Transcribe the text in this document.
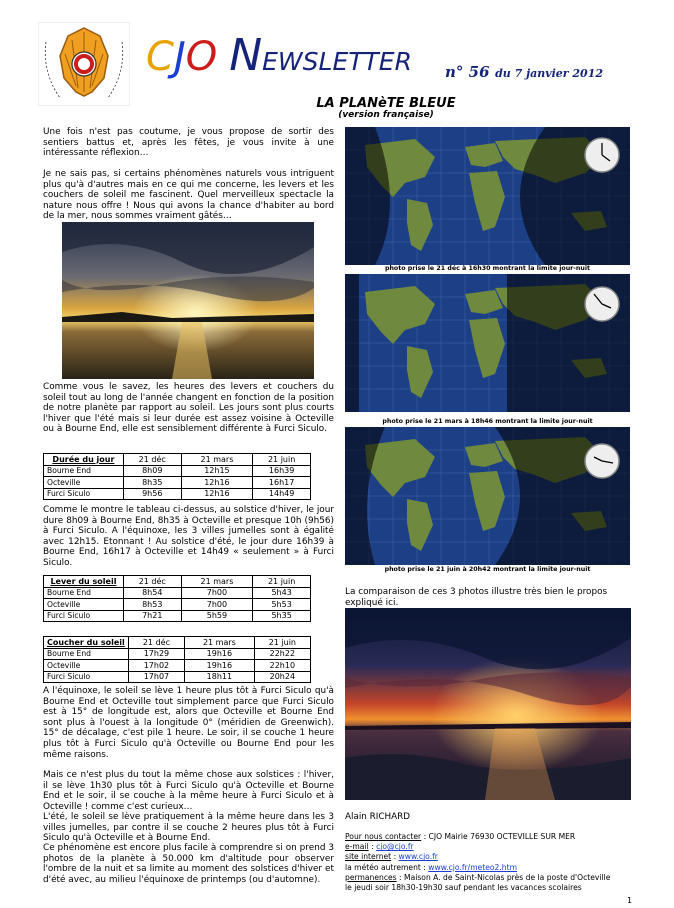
CJO NEWSLETTER	n° 56 du 7 janvier 2012
LA PLANèTE BLEUE
(version française)
Une fois n'est pas coutume, je vous propose de sortir des sentiers battus et, après les fêtes, je vous invite à une intéressante réflexion…
Je ne sais pas, si certains phénomènes naturels vous intriguent plus qu'à d'autres mais en ce qui me concerne, les levers et les couchers de soleil me fascinent. Quel merveilleux spectacle la nature nous offre ! Nous qui avons la chance d'habiter au bord de la mer, nous sommes vraiment gâtés…
Comme vous le savez, les heures des levers et couchers du soleil tout au long de l'année changent en fonction de la position de notre planète par rapport au soleil. Les jours sont plus courts l'hiver que l'été mais si leur durée est assez voisine à Octeville ou à Bourne End, elle est sensiblement différente à Furci Siculo.
Durée du jour	21 déc	21 mars	21 juin
Bourne End	8h09	12h15	16h39
Octeville	8h35	12h16	16h17
Furci Siculo	9h56	12h16	14h49
Comme le montre le tableau ci-dessus, au solstice d'hiver, le jour dure 8h09 à Bourne End, 8h35 à Octeville et presque 10h (9h56) à Furci Siculo. A l'équinoxe, les 3 villes jumelles sont à égalité avec 12h15. Etonnant ! Au solstice d'été, le jour dure 16h39 à Bourne End, 16h17 à Octeville et 14h49 « seulement » à Furci Siculo.
Lever du soleil	21 déc	21 mars	21 juin
Bourne End	8h54	7h00	5h43
Octeville	8h53	7h00	5h53
Furci Siculo	7h21	5h59	5h35
Coucher du soleil	21 déc	21 mars	21 juin
Bourne End	17h29	19h16	22h22
Octeville	17h02	19h16	22h10
Furci Siculo	17h07	18h11	20h24
A l'équinoxe, le soleil se lève 1 heure plus tôt à Furci Siculo qu'à Bourne End et Octeville tout simplement parce que Furci Siculo est à 15° de longitude est, alors que Octeville et Bourne End sont plus à l'ouest à la longitude 0° (méridien de Greenwich). 15° de décalage, c'est pile 1 heure. Le soir, il se couche 1 heure plus tôt à Furci Siculo qu'à Octeville ou Bourne End pour les même raisons.
Mais ce n'est plus du tout la même chose aux solstices : l'hiver, il se lève 1h30 plus tôt à Furci Siculo qu'à Octeville et Bourne End et le soir, il se couche à la même heure à Furci Siculo et à Octeville ! comme c'est curieux…
L'été, le soleil se lève pratiquement à la même heure dans les 3 villes jumelles, par contre il se couche 2 heures plus tôt à Furci Siculo qu'à Octeville et à Bourne End.
Ce phénomène est encore plus facile à comprendre si on prend 3 photos de la planète à 50.000 km d'altitude pour observer l'ombre de la nuit et sa limite au moment des solstices d'hiver et d'été avec, au milieu l'équinoxe de printemps (ou d'automne).
photo prise le 21 déc à 16h30 montrant la limite jour-nuit
photo prise le 21 mars à 18h46 montrant la limite jour-nuit
photo prise le 21 juin à 20h42 montrant la limite jour-nuit
La comparaison de ces 3 photos illustre très bien le propos expliqué ici.
Alain RICHARD
Pour nous contacter : CJO Mairie 76930 OCTEVILLE SUR MER
e-mail : cjo@cjo.fr
site internet : www.cjo.fr
la météo autrement : www.cjo.fr/meteo2.htm
permanences : Maison A. de Saint-Nicolas près de la poste d'Octeville
le jeudi soir 18h30-19h30 sauf pendant les vacances scolaires
1
